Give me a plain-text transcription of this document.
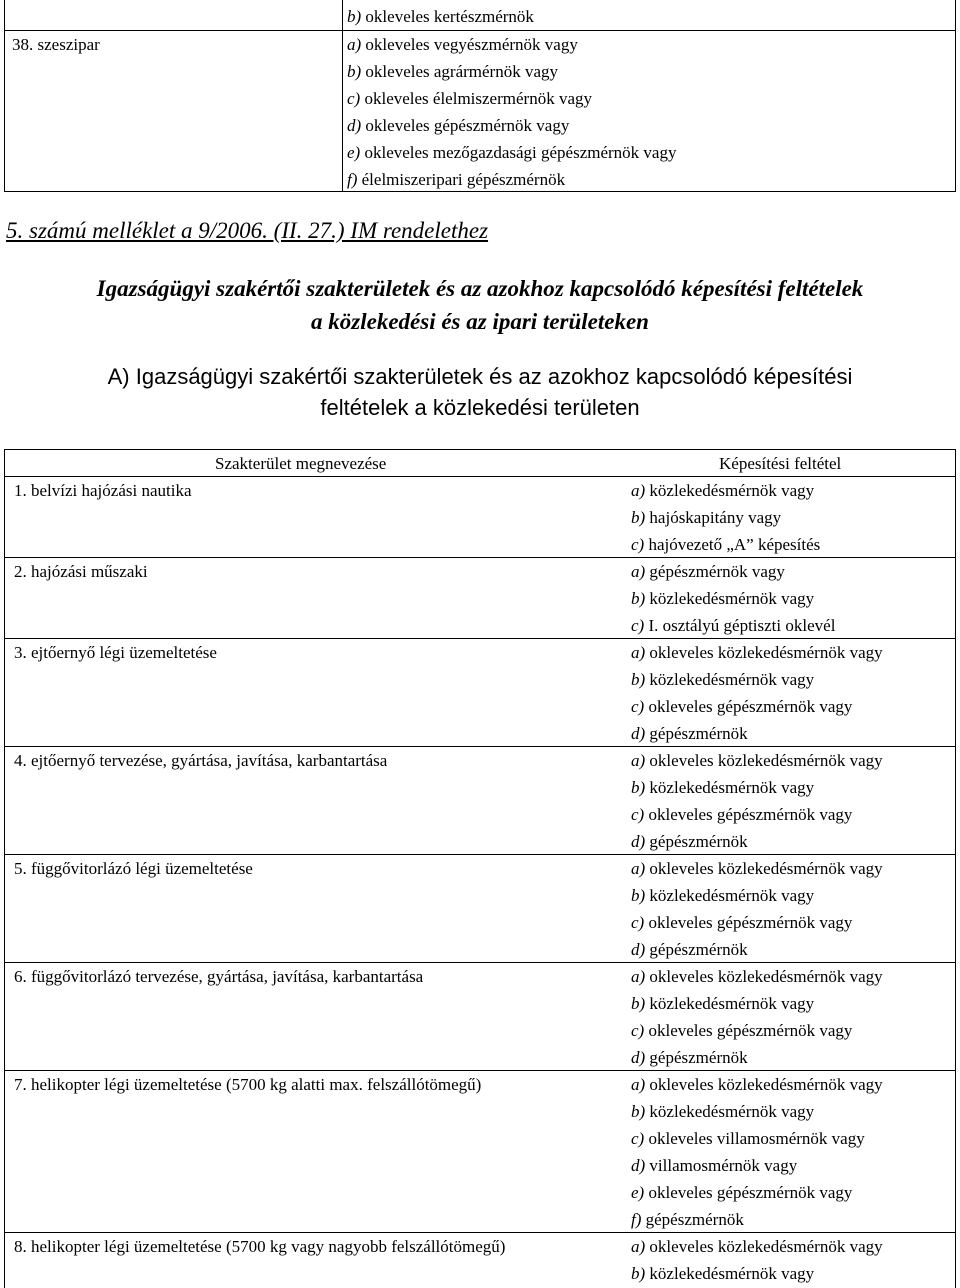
b) okleveles kertészmérnök
38. szeszipar	a) okleveles vegyészmérnök vagy
b) okleveles agrármérnök vagy
c) okleveles élelmiszermérnök vagy
d) okleveles gépészmérnök vagy
e) okleveles mezőgazdasági gépészmérnök vagy
f) élelmiszeripari gépészmérnök
5. számú melléklet a 9/2006. (II. 27.) IM rendelethez
Igazságügyi szakértői szakterületek és az azokhoz kapcsolódó képesítési feltételek
a közlekedési és az ipari területeken
A) Igazságügyi szakértői szakterületek és az azokhoz kapcsolódó képesítési
feltételek a közlekedési területen
Szakterület megnevezése	Képesítési feltétel
1. belvízi hajózási nautika	a) közlekedésmérnök vagy
b) hajóskapitány vagy
c) hajóvezető „A” képesítés
2. hajózási műszaki	a) gépészmérnök vagy
b) közlekedésmérnök vagy
c) I. osztályú géptiszti oklevél
3. ejtőernyő légi üzemeltetése	a) okleveles közlekedésmérnök vagy
b) közlekedésmérnök vagy
c) okleveles gépészmérnök vagy
d) gépészmérnök
4. ejtőernyő tervezése, gyártása, javítása, karbantartása	a) okleveles közlekedésmérnök vagy
b) közlekedésmérnök vagy
c) okleveles gépészmérnök vagy
d) gépészmérnök
5. függővitorlázó légi üzemeltetése	a) okleveles közlekedésmérnök vagy
b) közlekedésmérnök vagy
c) okleveles gépészmérnök vagy
d) gépészmérnök
6. függővitorlázó tervezése, gyártása, javítása, karbantartása	a) okleveles közlekedésmérnök vagy
b) közlekedésmérnök vagy
c) okleveles gépészmérnök vagy
d) gépészmérnök
7. helikopter légi üzemeltetése (5700 kg alatti max. felszállótömegű)	a) okleveles közlekedésmérnök vagy
b) közlekedésmérnök vagy
c) okleveles villamosmérnök vagy
d) villamosmérnök vagy
e) okleveles gépészmérnök vagy
f) gépészmérnök
8. helikopter légi üzemeltetése (5700 kg vagy nagyobb felszállótömegű)	a) okleveles közlekedésmérnök vagy
b) közlekedésmérnök vagy
